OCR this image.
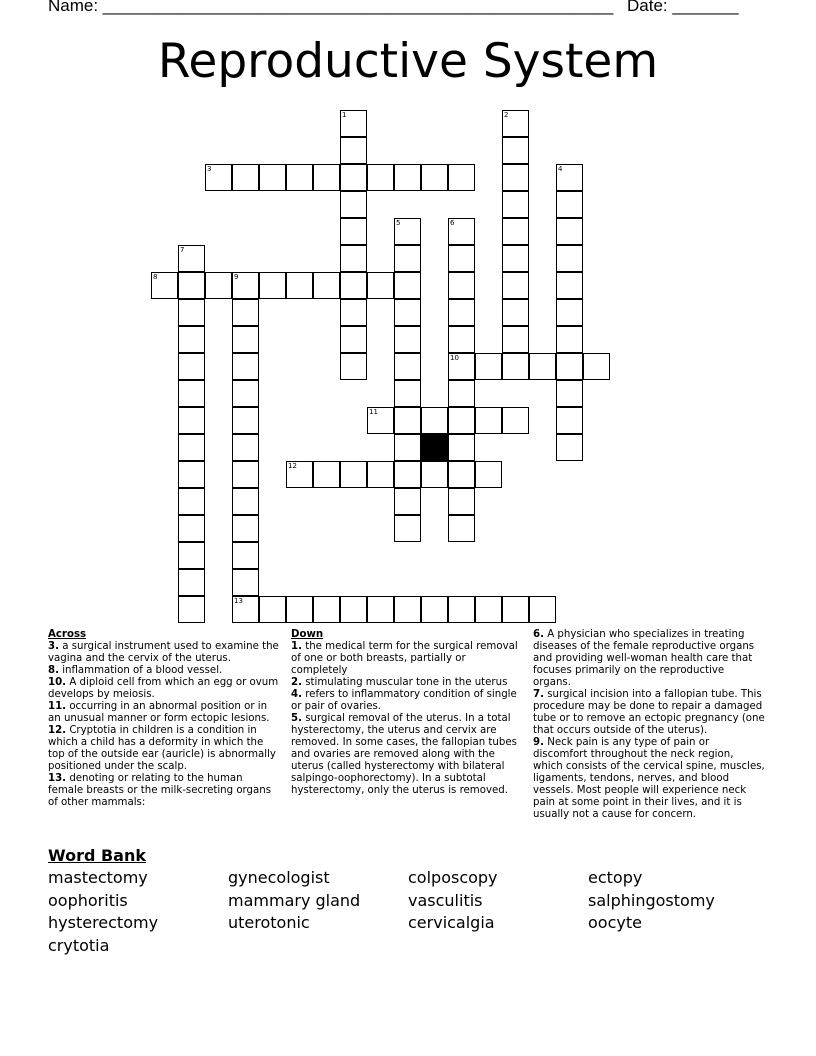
Name: ______________________________________________________ Date: _______
Reproductive System
1	2
3	4
5	6
7
8	9
10
11
12
13
Across
3. a surgical instrument used to examine the vagina and the cervix of the uterus.
8. inflammation of a blood vessel.
10. A diploid cell from which an egg or ovum develops by meiosis.
11. occurring in an abnormal position or in an unusual manner or form ectopic lesions.
12. Cryptotia in children is a condition in which a child has a deformity in which the top of the outside ear (auricle) is abnormally positioned under the scalp.
13. denoting or relating to the human female breasts or the milk-secreting organs of other mammals:
Down
1. the medical term for the surgical removal of one or both breasts, partially or completely
2. stimulating muscular tone in the uterus
4. refers to inflammatory condition of single or pair of ovaries.
5. surgical removal of the uterus. In a total hysterectomy, the uterus and cervix are removed. In some cases, the fallopian tubes and ovaries are removed along with the uterus (called hysterectomy with bilateral salpingo-oophorectomy). In a subtotal hysterectomy, only the uterus is removed.
6. A physician who specializes in treating diseases of the female reproductive organs and providing well-woman health care that focuses primarily on the reproductive organs.
7. surgical incision into a fallopian tube. This procedure may be done to repair a damaged tube or to remove an ectopic pregnancy (one that occurs outside of the uterus).
9. Neck pain is any type of pain or discomfort throughout the neck region, which consists of the cervical spine, muscles, ligaments, tendons, nerves, and blood vessels. Most people will experience neck pain at some point in their lives, and it is usually not a cause for concern.
Word Bank
mastectomy	gynecologist	colposcopy	ectopy
oophoritis	mammary gland	vasculitis	salphingostomy
hysterectomy	uterotonic	cervicalgia	oocyte
crytotia
